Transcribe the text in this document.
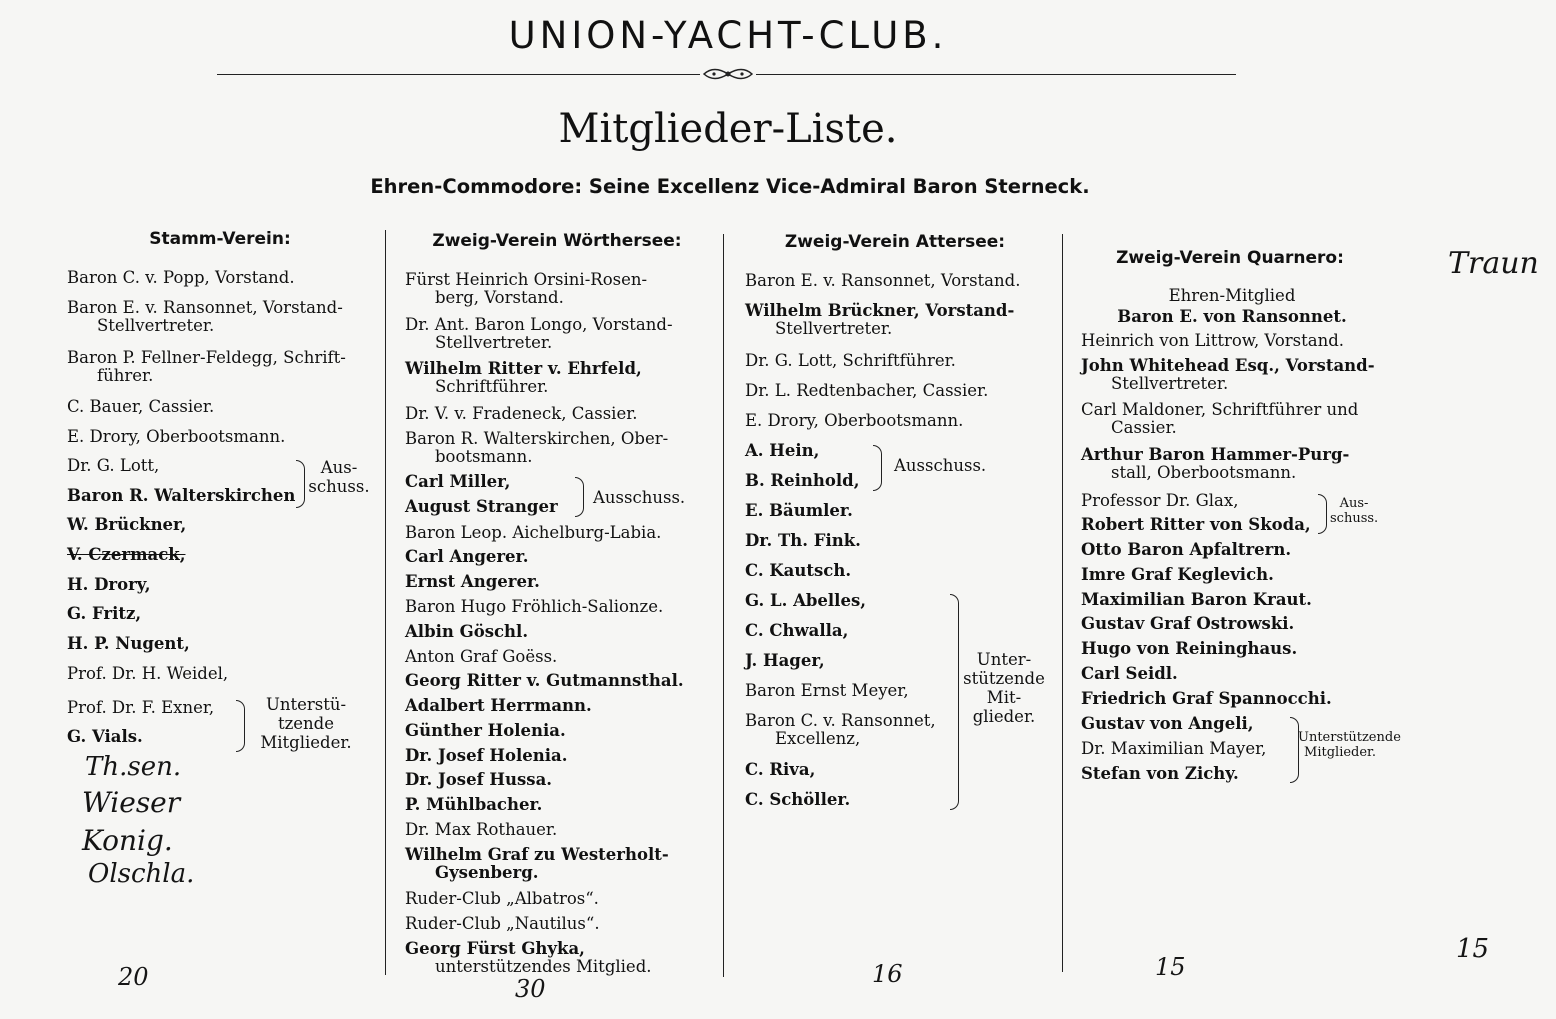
UNION-YACHT-CLUB.
Mitglieder-Liste.
Ehren-Commodore: Seine Excellenz Vice-Admiral Baron Sterneck.
Stamm-Verein:
Baron C. v. Popp, Vorstand.
Baron E. v. Ransonnet, Vorstand-
Stellvertreter.
Baron P. Fellner-Feldegg, Schrift-
führer.
C. Bauer, Cassier.
E. Drory, Oberbootsmann.
Dr. G. Lott,
Baron R. Walterskirchen
Aus-schuss.
W. Brückner,
V. Czermack,
H. Drory,
G. Fritz,
H. P. Nugent,
Prof. Dr. H. Weidel,
Prof. Dr. F. Exner,
G. Vials.
Unterstü-tzende Mitglieder.
Th.sen.
Wieser
Konig.
Olschla.
20
Zweig-Verein Wörthersee:
Fürst Heinrich Orsini-Rosen-
berg, Vorstand.
Dr. Ant. Baron Longo, Vorstand-
Stellvertreter.
Wilhelm Ritter v. Ehrfeld,
Schriftführer.
Dr. V. v. Fradeneck, Cassier.
Baron R. Walterskirchen, Ober-
bootsmann.
Carl Miller,
August Stranger Ausschuss.
Baron Leop. Aichelburg-Labia.
Carl Angerer.
Ernst Angerer.
Baron Hugo Fröhlich-Salionze.
Albin Göschl.
Anton Graf Goëss.
Georg Ritter v. Gutmannsthal.
Adalbert Herrmann.
Günther Holenia.
Dr. Josef Holenia.
Dr. Josef Hussa.
P. Mühlbacher.
Dr. Max Rothauer.
Wilhelm Graf zu Westerholt-
Gysenberg.
Ruder-Club „Albatros“.
Ruder-Club „Nautilus“.
Georg Fürst Ghyka,
unterstützendes Mitglied.
30
Zweig-Verein Attersee:
Baron E. v. Ransonnet, Vorstand.
Wilhelm Brückner, Vorstand-
Stellvertreter.
Dr. G. Lott, Schriftführer.
Dr. L. Redtenbacher, Cassier.
E. Drory, Oberbootsmann.
A. Hein,
B. Reinhold,
Ausschuss.
E. Bäumler.
Dr. Th. Fink.
C. Kautsch.
G. L. Abelles,
C. Chwalla,
J. Hager,
Baron Ernst Meyer,
Baron C. v. Ransonnet,
Excellenz,
C. Riva,
C. Schöller.
Unter-stützende Mit-glieder.
16
Zweig-Verein Quarnero:
Ehren-Mitglied
Baron E. von Ransonnet.
Heinrich von Littrow, Vorstand.
John Whitehead Esq., Vorstand-
Stellvertreter.
Carl Maldoner, Schriftführer und
Cassier.
Arthur Baron Hammer-Purg-
stall, Oberbootsmann.
Professor Dr. Glax,
Robert Ritter von Skoda,
Aus-schuss.
Otto Baron Apfaltrern.
Imre Graf Keglevich.
Maximilian Baron Kraut.
Gustav Graf Ostrowski.
Hugo von Reininghaus.
Carl Seidl.
Friedrich Graf Spannocchi.
Gustav von Angeli,
Dr. Maximilian Mayer,
Stefan von Zichy.
Unterstützende Mitglieder.
15
Traun
15
